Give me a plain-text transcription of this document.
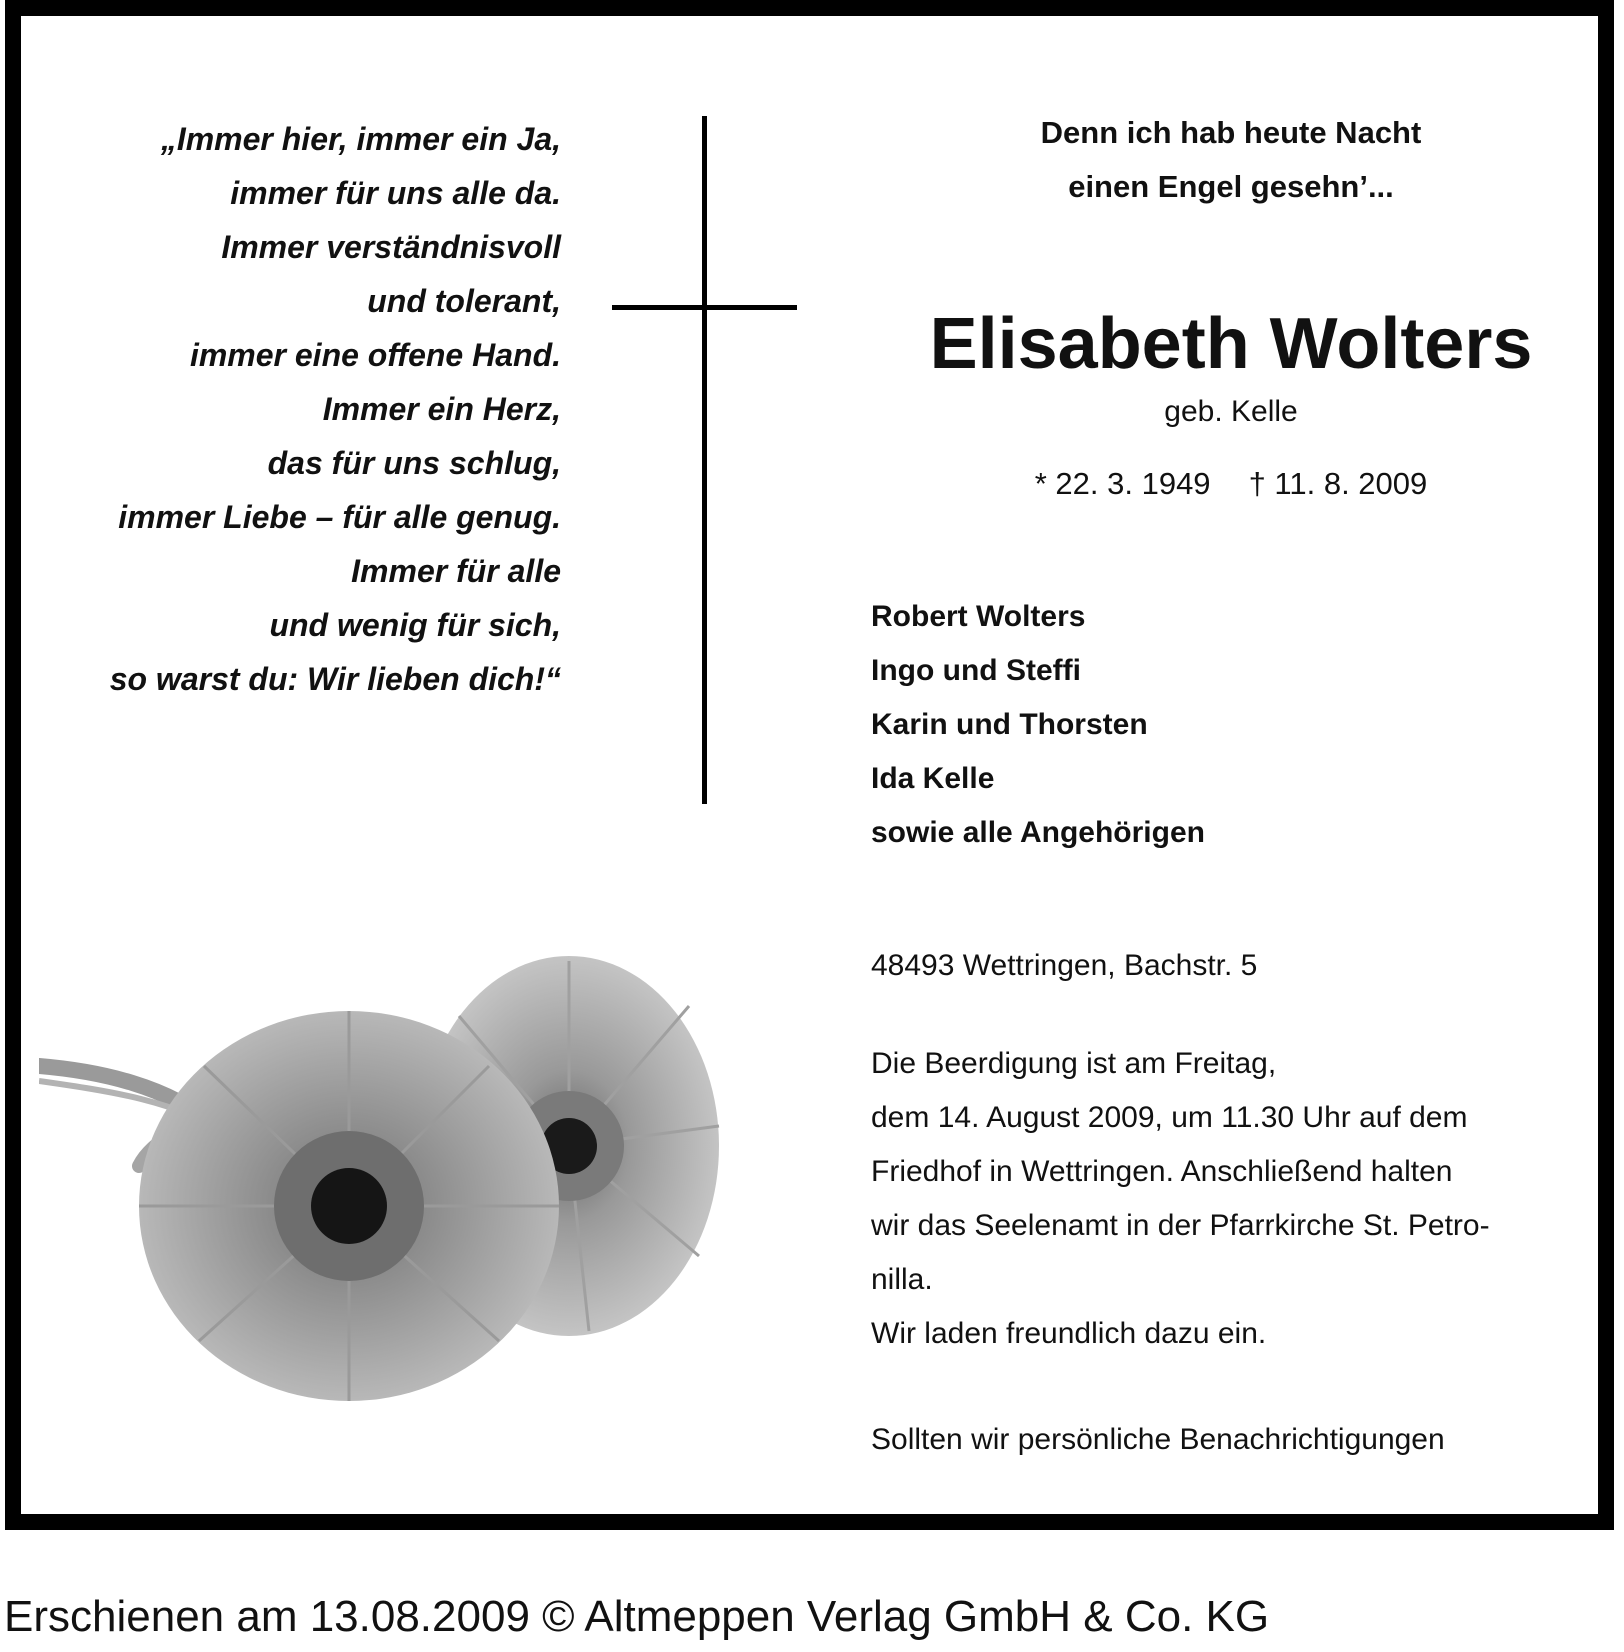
„Immer hier, immer ein Ja,
immer für uns alle da.
Immer verständnisvoll
und tolerant,
immer eine offene Hand.
Immer ein Herz,
das für uns schlug,
immer Liebe – für alle genug.
Immer für alle
und wenig für sich,
so warst du: Wir lieben dich!“
Denn ich hab heute Nacht
einen Engel gesehn’...
Elisabeth Wolters
geb. Kelle
* 22. 3. 1949 † 11. 8. 2009
Robert Wolters
Ingo und Steffi
Karin und Thorsten
Ida Kelle
sowie alle Angehörigen
48493 Wettringen, Bachstr. 5
Die Beerdigung ist am Freitag,
dem 14. August 2009, um 11.30 Uhr auf dem
Friedhof in Wettringen. Anschließend halten
wir das Seelenamt in der Pfarrkirche St. Petro-
nilla.
Wir laden freundlich dazu ein.
Sollten wir persönliche Benachrichtigungen
Erschienen am 13.08.2009 © Altmeppen Verlag GmbH & Co. KG
